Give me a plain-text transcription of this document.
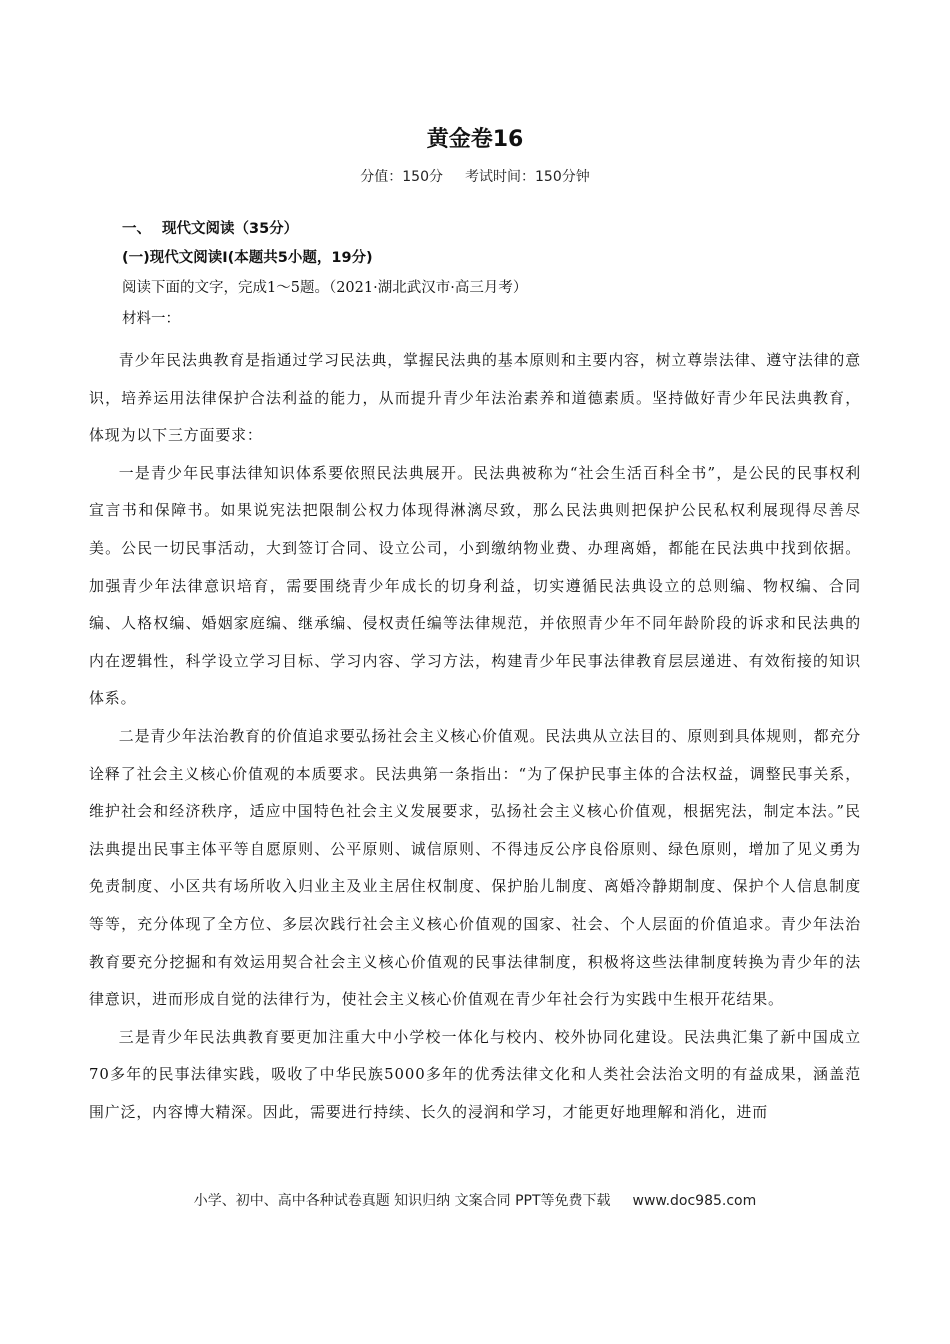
黄金卷16
分值：150分 考试时间：150分钟
一、 现代文阅读（35分）
(一)现代文阅读Ⅰ(本题共5小题，19分)
阅读下面的文字，完成1～5题。（2021·湖北武汉市·高三月考）
材料一：

青少年民法典教育是指通过学习民法典，掌握民法典的基本原则和主要内容，树立尊崇法律、遵守法律的意识，培养运用法律保护合法利益的能力，从而提升青少年法治素养和道德素质。坚持做好青少年民法典教育，体现为以下三方面要求：

一是青少年民事法律知识体系要依照民法典展开。民法典被称为“社会生活百科全书”，是公民的民事权利宣言书和保障书。如果说宪法把限制公权力体现得淋漓尽致，那么民法典则把保护公民私权利展现得尽善尽美。公民一切民事活动，大到签订合同、设立公司，小到缴纳物业费、办理离婚，都能在民法典中找到依据。加强青少年法律意识培育，需要围绕青少年成长的切身利益，切实遵循民法典设立的总则编、物权编、合同编、人格权编、婚姻家庭编、继承编、侵权责任编等法律规范，并依照青少年不同年龄阶段的诉求和民法典的内在逻辑性，科学设立学习目标、学习内容、学习方法，构建青少年民事法律教育层层递进、有效衔接的知识体系。

二是青少年法治教育的价值追求要弘扬社会主义核心价值观。民法典从立法目的、原则到具体规则，都充分诠释了社会主义核心价值观的本质要求。民法典第一条指出：“为了保护民事主体的合法权益，调整民事关系，维护社会和经济秩序，适应中国特色社会主义发展要求，弘扬社会主义核心价值观，根据宪法，制定本法。”民法典提出民事主体平等自愿原则、公平原则、诚信原则、不得违反公序良俗原则、绿色原则，增加了见义勇为免责制度、小区共有场所收入归业主及业主居住权制度、保护胎儿制度、离婚冷静期制度、保护个人信息制度等等，充分体现了全方位、多层次践行社会主义核心价值观的国家、社会、个人层面的价值追求。青少年法治教育要充分挖掘和有效运用契合社会主义核心价值观的民事法律制度，积极将这些法律制度转换为青少年的法律意识，进而形成自觉的法律行为，使社会主义核心价值观在青少年社会行为实践中生根开花结果。

三是青少年民法典教育要更加注重大中小学校一体化与校内、校外协同化建设。民法典汇集了新中国成立70多年的民事法律实践，吸收了中华民族5000多年的优秀法律文化和人类社会法治文明的有益成果，涵盖范围广泛，内容博大精深。因此，需要进行持续、长久的浸润和学习，才能更好地理解和消化，进而

小学、初中、高中各种试卷真题 知识归纳 文案合同 PPT等免费下载 www.doc985.com
